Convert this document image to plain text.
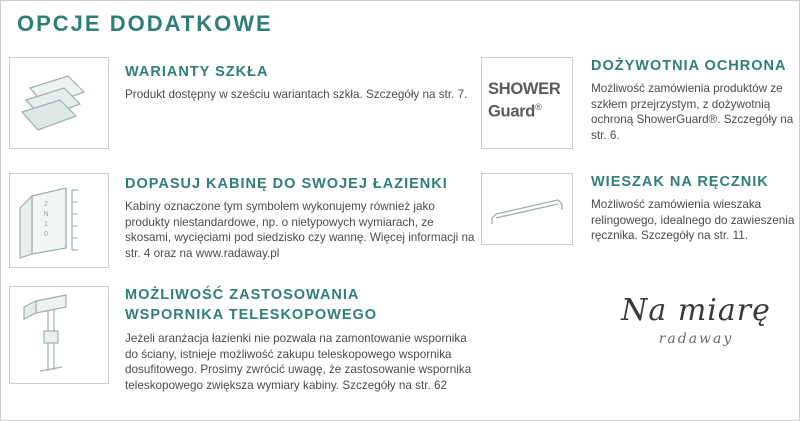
OPCJE DODATKOWE
WARIANTY SZKŁA
Produkt dostępny w sześciu wariantach szkła. Szczegóły na str. 7.
2
N
1
0
DOPASUJ KABINĘ DO SWOJEJ ŁAZIENKI
Kabiny oznaczone tym symbolem wykonujemy również jako produkty niestandardowe, np. o nietypowych wymiarach, ze skosami, wycięciami pod siedzisko czy wannę. Więcej informacji na str. 4 oraz na www.radaway.pl
MOŻLIWOŚĆ ZASTOSOWANIA
WSPORNIKA TELESKOPOWEGO
Jeżeli aranżacja łazienki nie pozwala na zamontowanie wspornika do ściany, istnieje możliwość zakupu teleskopowego wspornika dosufitowego. Prosimy zwrócić uwagę, że zastosowanie wspornika teleskopowego zwiększa wymiary kabiny. Szczegóły na str. 62
SHOWER
Guard®
DOŻYWOTNIA OCHRONA
Możliwość zamówienia produktów ze szkłem przejrzystym, z dożywotnią ochroną ShowerGuard®. Szczegóły na str. 6.
WIESZAK NA RĘCZNIK
Możliwość zamówienia wieszaka relingowego, idealnego do zawieszenia ręcznika. Szczegóły na str. 11.
Na miarę
radaway
